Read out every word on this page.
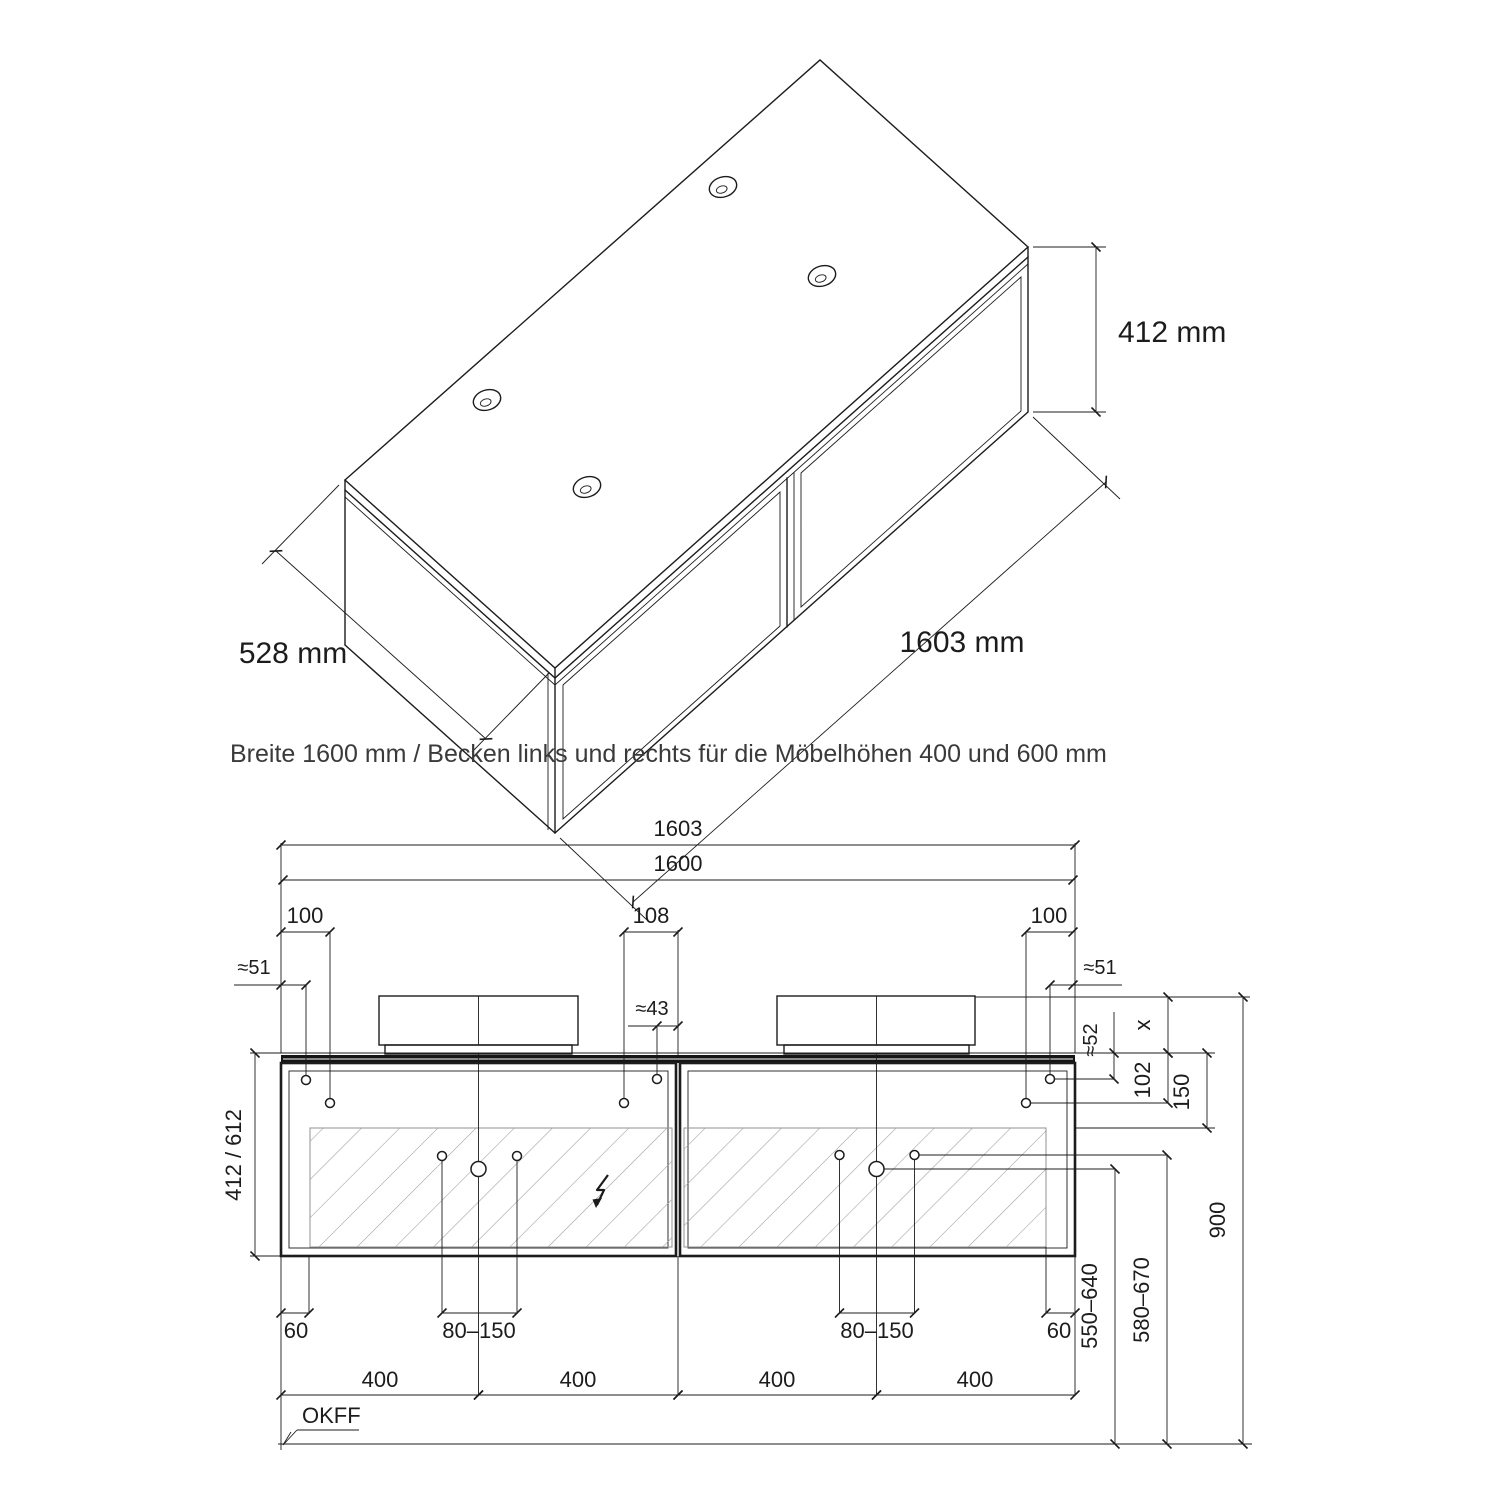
412 mm
1603 mm
528 mm
Breite 1600 mm / Becken links und rechts für die Möbelhöhen 400 und 600 mm
1603
1600
100	108	100
≈51	≈51
≈43
≈52 x
102 150
412 / 612
60	80–150	80–150	60
400	400	400	400
550–640 580–670
900
OKFF
